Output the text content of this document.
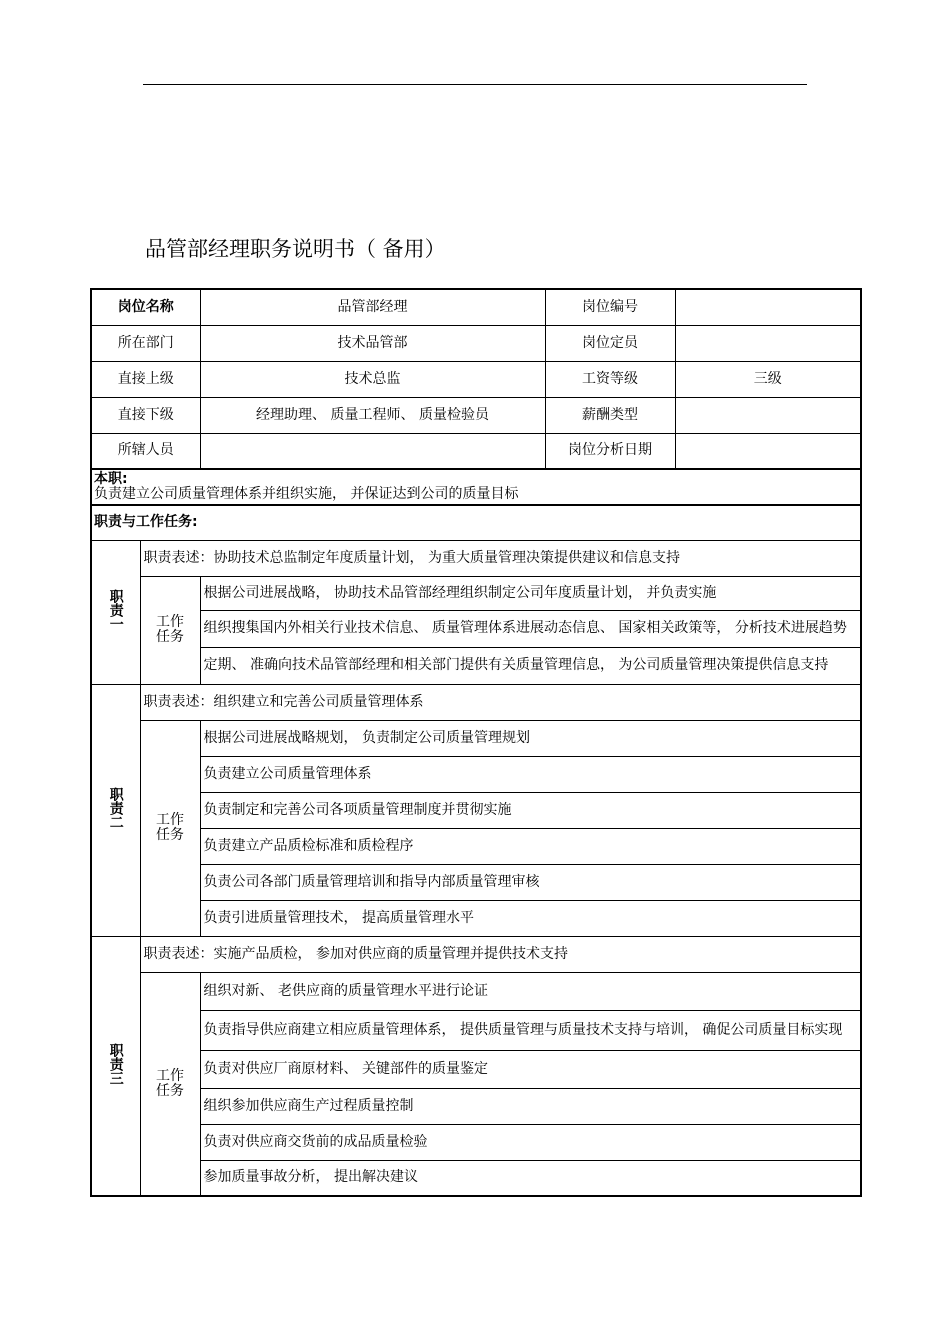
品管部经理职务说明书（ 备用）
岗位名称		品管部经理	岗位编号	
所在部门		技术品管部	岗位定员	
直接上级		技术总监	工资等级	三级
直接下级		经理助理、 质量工程师、 质量检验员	薪酬类型	
所辖人员			岗位分析日期	

本职:
负责建立公司质量管理体系并组织实施， 并保证达到公司的质量目标				

职责与工作任务:				
职责一	职责表述：协助技术总监制定年度质量计划， 为重大质量管理决策提供建议和信息支持			
	工作
任务	根据公司进展战略， 协助技术品管部经理组织制定公司年度质量计划， 并负责实施		
		组织搜集国内外相关行业技术信息、 质量管理体系进展动态信息、 国家相关政策等， 分析技术进展趋势		
		定期、 准确向技术品管部经理和相关部门提供有关质量管理信息， 为公司质量管理决策提供信息支持		
职责二	职责表述：组织建立和完善公司质量管理体系			
	工作
任务	根据公司进展战略规划， 负责制定公司质量管理规划		
		负责建立公司质量管理体系		
		负责制定和完善公司各项质量管理制度并贯彻实施		
		负责建立产品质检标准和质检程序		
		负责公司各部门质量管理培训和指导内部质量管理审核		
		负责引进质量管理技术， 提高质量管理水平		
职责三	职责表述：实施产品质检， 参加对供应商的质量管理并提供技术支持			
	工作
任务	组织对新、 老供应商的质量管理水平进行论证		
		负责指导供应商建立相应质量管理体系， 提供质量管理与质量技术支持与培训， 确促公司质量目标实现		
		负责对供应厂商原材料、 关键部件的质量鉴定		
		组织参加供应商生产过程质量控制		
		负责对供应商交货前的成品质量检验		
		参加质量事故分析， 提出解决建议		
